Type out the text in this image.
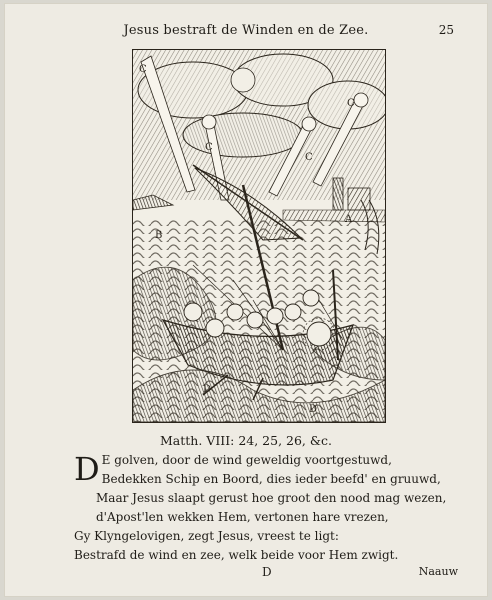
Jesus bestraft de Winden en de Zee.	25
C
C
C
C
B
A
D
D
Matth. VIII: 24, 25, 26, &c.
D E golven, door de wind geweldig voortgestuwd,
Bedekken Schip en Boord, dies ieder beefd' en gruuwd,
Maar Jesus slaapt gerust hoe groot den nood mag wezen,
d'Apost'len wekken Hem, vertonen hare vrezen,
Gy Klyngelovigen, zegt Jesus, vreest te ligt:
Bestrafd de wind en zee, welk beide voor Hem zwigt.
D	Naauw
